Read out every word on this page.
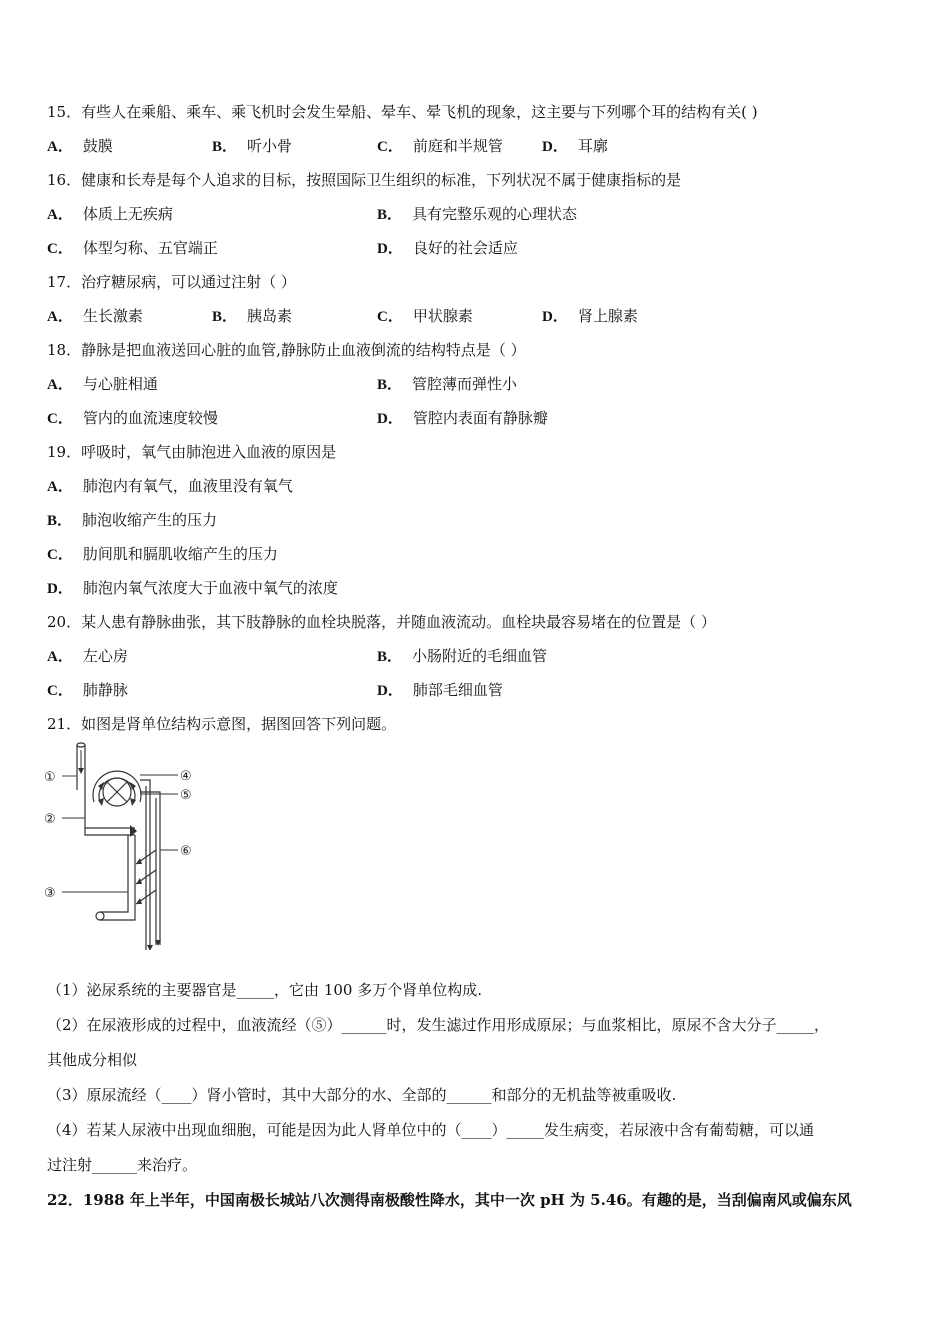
15．有些人在乘船、乘车、乘飞机时会发生晕船、晕车、晕飞机的现象，这主要与下列哪个耳的结构有关( )
A． 鼓膜	B． 听小骨	C． 前庭和半规管	D． 耳廓
16．健康和长寿是每个人追求的目标，按照国际卫生组织的标准，下列状况不属于健康指标的是
A． 体质上无疾病	B． 具有完整乐观的心理状态
C． 体型匀称、五官端正	D． 良好的社会适应
17．治疗糖尿病，可以通过注射（ ）
A． 生长激素	B． 胰岛素	C． 甲状腺素	D． 肾上腺素
18．静脉是把血液送回心脏的血管,静脉防止血液倒流的结构特点是（ ）
A． 与心脏相通	B． 管腔薄而弹性小
C． 管内的血流速度较慢	D． 管腔内表面有静脉瓣
19．呼吸时，氧气由肺泡进入血液的原因是
A． 肺泡内有氧气，血液里没有氧气
B． 肺泡收缩产生的压力
C． 肋间肌和膈肌收缩产生的压力
D． 肺泡内氧气浓度大于血液中氧气的浓度
20．某人患有静脉曲张，其下肢静脉的血栓块脱落，并随血液流动。血栓块最容易堵在的位置是（ ）
A． 左心房	B． 小肠附近的毛细血管
C． 肺静脉	D． 肺部毛细血管
21．如图是肾单位结构示意图，据图回答下列问题。
①
②
③
④
⑤
⑥
（1）泌尿系统的主要器官是_____，它由 100 多万个肾单位构成.
（2）在尿液形成的过程中，血液流经（⑤）______时，发生滤过作用形成原尿；与血浆相比，原尿不含大分子_____，
其他成分相似
（3）原尿流经（____）肾小管时，其中大部分的水、全部的______和部分的无机盐等被重吸收.
（4）若某人尿液中出现血细胞，可能是因为此人肾单位中的（____）_____发生病变，若尿液中含有葡萄糖，可以通
过注射______来治疗。
22．1988 年上半年，中国南极长城站八次测得南极酸性降水，其中一次 pH 为 5.46。有趣的是，当刮偏南风或偏东风
